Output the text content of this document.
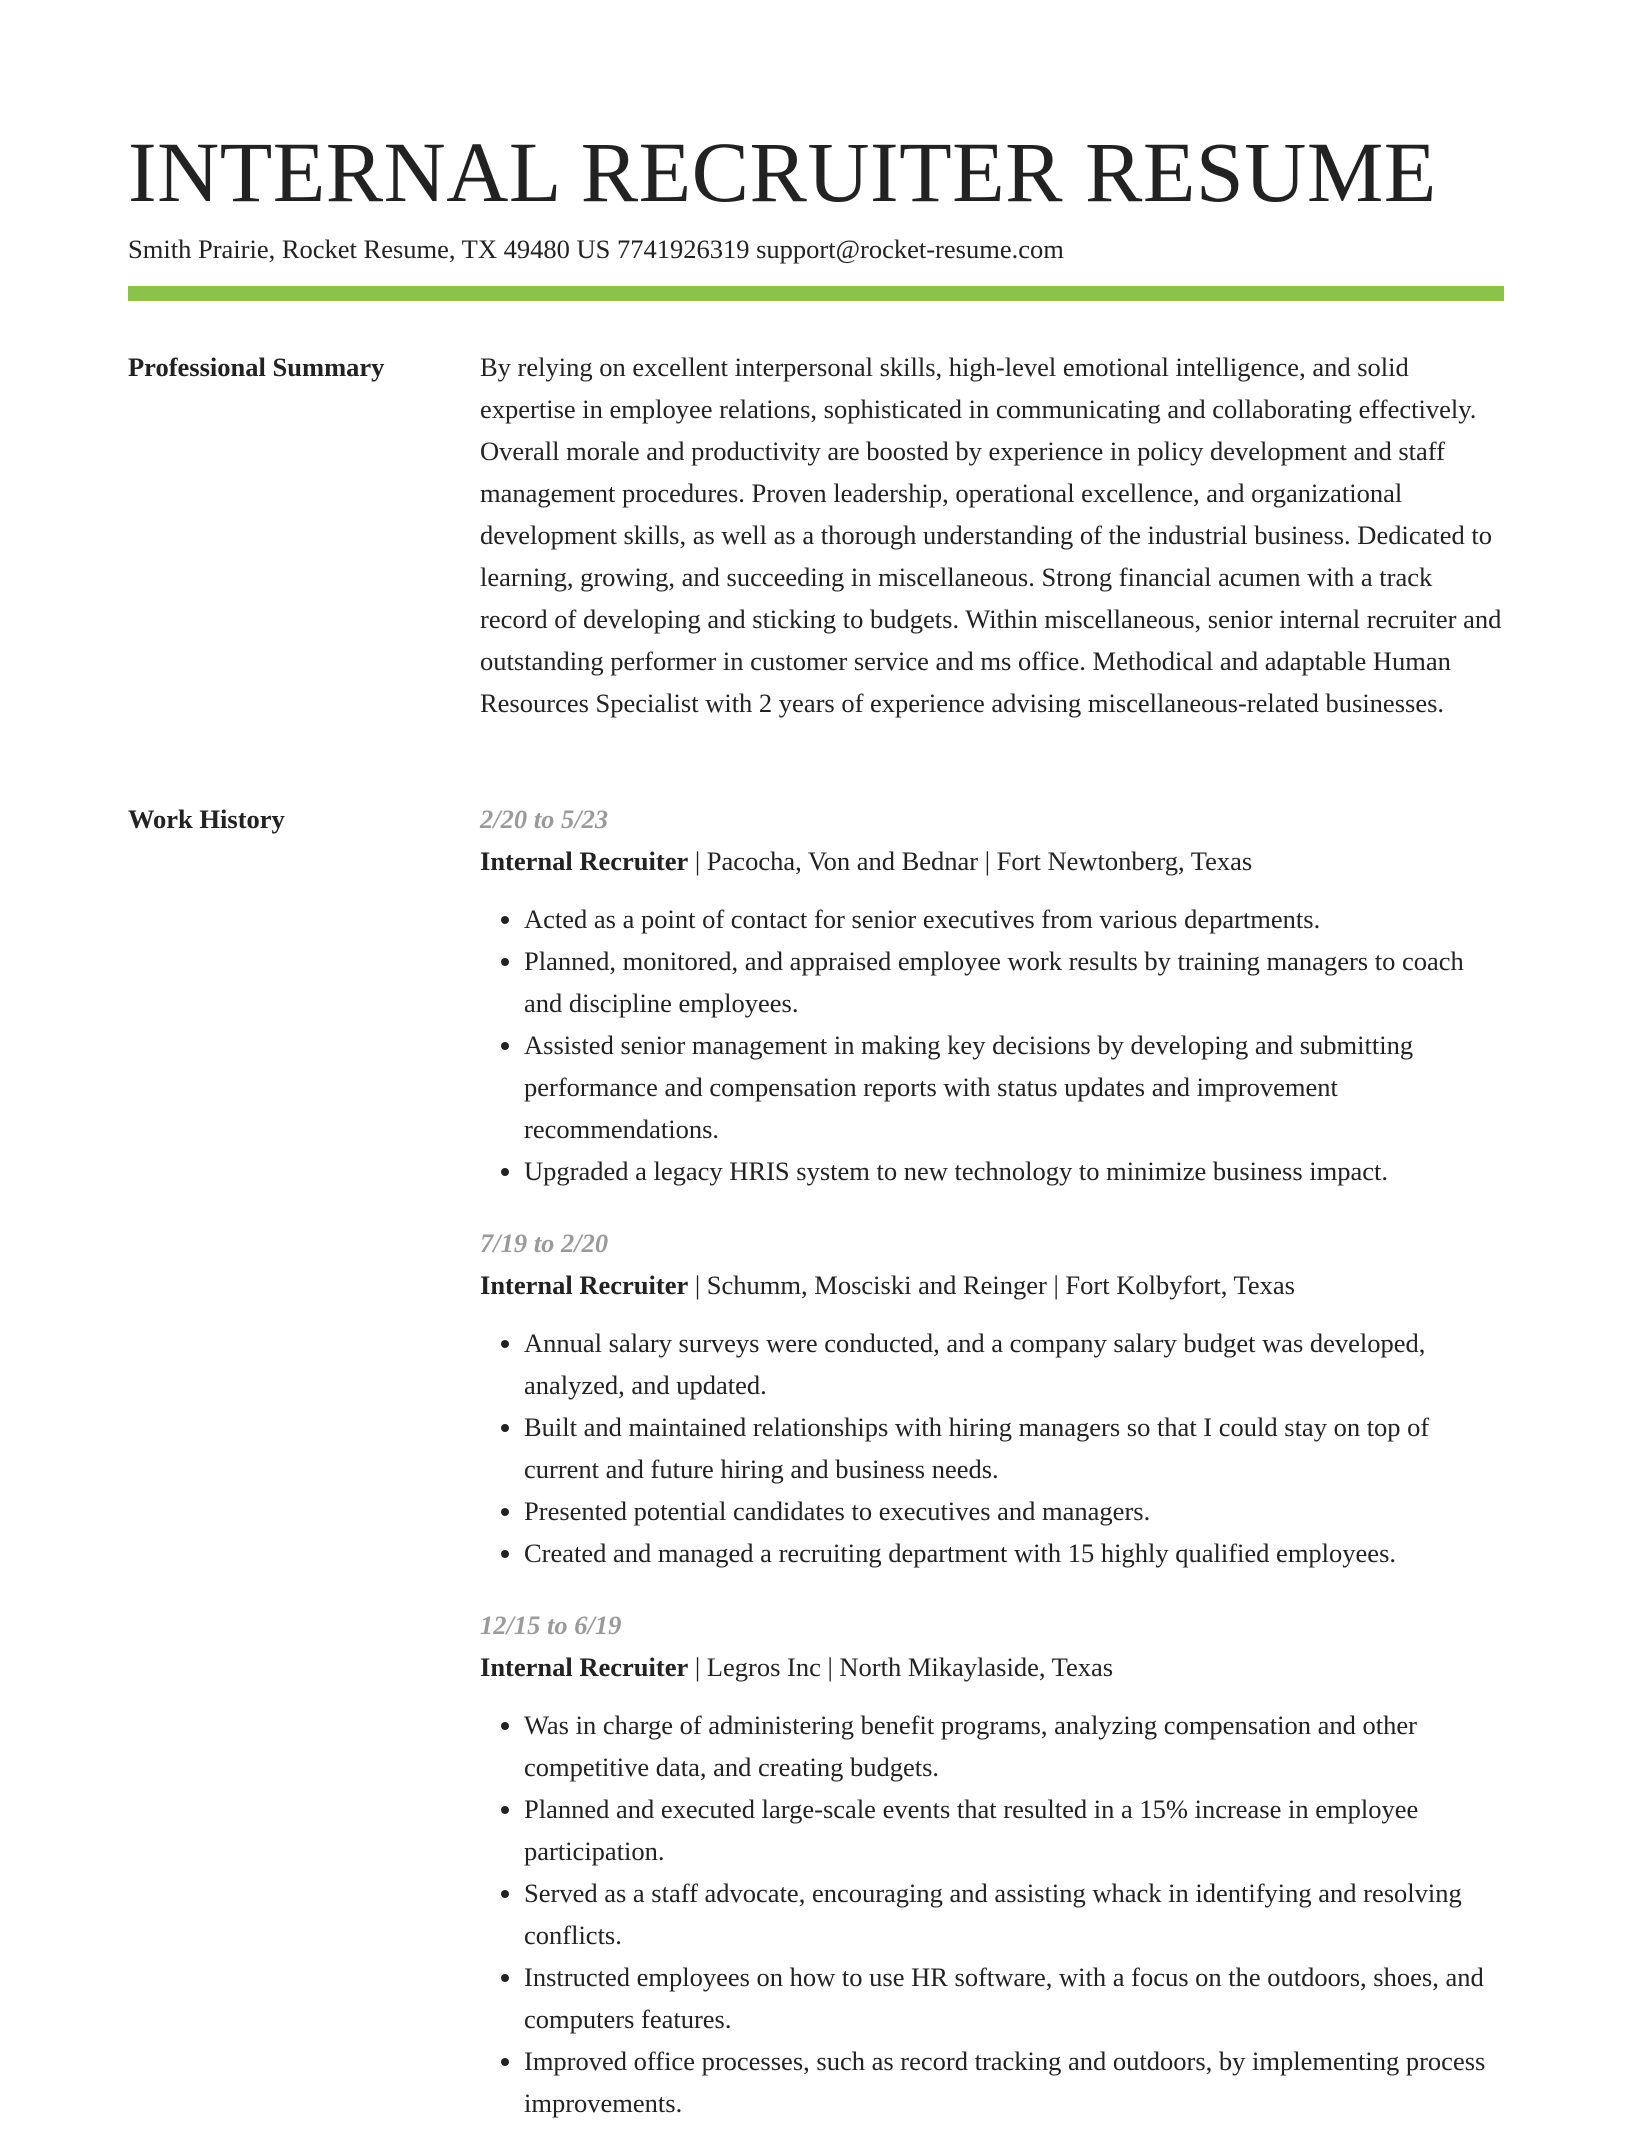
INTERNAL RECRUITER RESUME
Smith Prairie, Rocket Resume, TX 49480 US 7741926319 support@rocket-resume.com
Professional Summary	By relying on excellent interpersonal skills, high-level emotional intelligence, and solid expertise in employee relations, sophisticated in communicating and collaborating effectively. Overall morale and productivity are boosted by experience in policy development and staff management procedures. Proven leadership, operational excellence, and organizational development skills, as well as a thorough understanding of the industrial business. Dedicated to learning, growing, and succeeding in miscellaneous. Strong financial acumen with a track record of developing and sticking to budgets. Within miscellaneous, senior internal recruiter and outstanding performer in customer service and ms office. Methodical and adaptable Human Resources Specialist with 2 years of experience advising miscellaneous-related businesses.

Work History	2/20 to 5/23
Internal Recruiter | Pacocha, Von and Bednar | Fort Newtonberg, Texas
• Acted as a point of contact for senior executives from various departments.
• Planned, monitored, and appraised employee work results by training managers to coach and discipline employees.
• Assisted senior management in making key decisions by developing and submitting performance and compensation reports with status updates and improvement recommendations.
• Upgraded a legacy HRIS system to new technology to minimize business impact.
7/19 to 2/20
Internal Recruiter | Schumm, Mosciski and Reinger | Fort Kolbyfort, Texas
• Annual salary surveys were conducted, and a company salary budget was developed, analyzed, and updated.
• Built and maintained relationships with hiring managers so that I could stay on top of current and future hiring and business needs.
• Presented potential candidates to executives and managers.
• Created and managed a recruiting department with 15 highly qualified employees.
12/15 to 6/19
Internal Recruiter | Legros Inc | North Mikaylaside, Texas
• Was in charge of administering benefit programs, analyzing compensation and other competitive data, and creating budgets.
• Planned and executed large-scale events that resulted in a 15% increase in employee participation.
• Served as a staff advocate, encouraging and assisting whack in identifying and resolving conflicts.
• Instructed employees on how to use HR software, with a focus on the outdoors, shoes, and computers features.
• Improved office processes, such as record tracking and outdoors, by implementing process improvements.
